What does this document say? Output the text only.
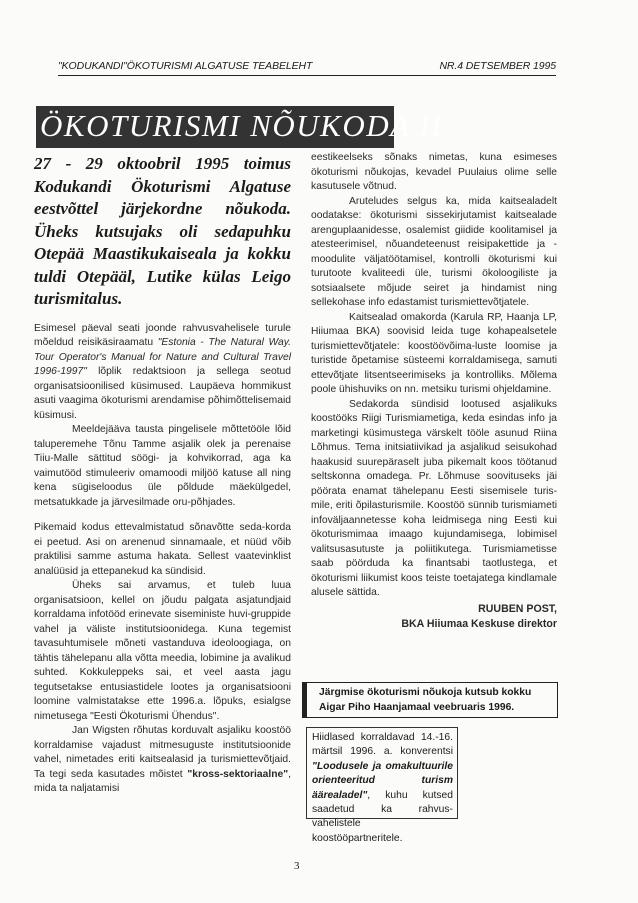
"KODUKANDI"ÖKOTURISMI ALGATUSE TEABELEHT	NR.4 DETSEMBER 1995
ÖKOTURISMI NÕUKODA II

27 - 29 oktoobril 1995 toimus Kodukandi Ökoturismi Algatuse eestvõttel järjekordne nõukoda. Üheks kutsujaks oli sedapuhku Otepää Maastikukaiseala ja kokku tuldi Otepääl, Lutike külas Leigo turismitalus.

Esimesel päeval seati joonde rahvusvahelisele turule mõeldud reisikäsiraamatu "Estonia - The Natural Way. Tour Operator's Manual for Nature and Cultural Travel 1996-1997" lõplik redaktsioon ja sellega seotud organisatsioonilised küsimused. Laupäeva hommikust asuti vaagima ökoturismi arendamise põhimõttelisemaid küsimusi.

Meeldejääva tausta pingelisele mõttetööle lõid taluperemehe Tõnu Tamme asjalik olek ja perenaise Tiiu-Malle sättitud söögi- ja kohvikorrad, aga ka vaimutööd stimuleeriv omamoodi miljöö katuse all ning kena sügiseloodus üle põldude mäekülgedel, metsatukkade ja järvesilmade oru-põhjades.

Pikemaid kodus ettevalmistatud sõnavõtte seda-korda ei peetud. Asi on arenenud sinnamaale, et nüüd võib praktilisi samme astuma hakata. Sellest vaatevinklist analüüsid ja ettepanekud ka sündisid.

Üheks sai arvamus, et tuleb luua organisatsioon, kellel on jõudu palgata asjatundjaid korraldama infotööd erinevate siseministe huvi-gruppide vahel ja väliste institutsioonidega. Kuna tegemist tavasuhtumisele mõneti vastanduva ideoloogiaga, on tähtis tähelepanu alla võtta meedia, lobimine ja avalikud suhted. Kokkuleppeks sai, et veel aasta jagu tegutsetakse entusiastidele lootes ja organisatsiooni loomine valmistatakse ette 1996.a. lõpuks, esialgse nimetusega "Eesti Ökoturismi Ühendus".

Jan Wigsten rõhutas korduvalt asjaliku koostöö korraldamise vajadust mitmesuguste institutsioonide vahel, nimetades eriti kaitsealasid ja turismiettevõtjaid. Ta tegi seda kasutades mõistet "kross-sektoriaalne", mida ta naljatamisi

eestikeelseks sõnaks nimetas, kuna esimeses ökoturismi nõukojas, kevadel Puulaius olime selle kasutusele võtnud.

Aruteludes selgus ka, mida kaitsealadelt oodatakse: ökoturismi sissekirjutamist kaitsealade arenguplaanidesse, osalemist giidide koolitamisel ja atesteerimisel, nõuandeteenust reisipakettide ja -moodulite väljatöötamisel, kontrolli ökoturismi kui turutoote kvaliteedi üle, turismi ökoloogiliste ja sotsiaalsete mõjude seiret ja hindamist ning sellekohase info edastamist turismiettevõtjatele.

Kaitsealad omakorda (Karula RP, Haanja LP, Hiiumaa BKA) soovisid leida tuge kohapealsetele turismiettevõtjatele: koostöövõima-luste loomise ja turistide õpetamise süsteemi korraldamisega, samuti ettevõtjate litsentseerimiseks ja kontrolliks. Mõlema poole ühishuviks on nn. metsiku turismi ohjeldamine.

Sedakorda sündisid lootused asjalikuks koostööks Riigi Turismiametiga, keda esindas info ja marketingi küsimustega värskelt tööle asunud Riina Lõhmus. Tema initsiatiivikad ja asjalikud seisukohad haakusid suurepäraselt juba pikemalt koos töötanud seltskonna omadega. Pr. Lõhmuse soovituseks jäi pöörata enamat tähelepanu Eesti sisemisele turis-mile, eriti õpilasturismile. Koostöö sünnib turismiameti infoväljaannetesse koha leidmisega ning Eesti kui ökoturismimaa imaago kujundamisega, lobimisel valitsusasutuste ja poliitikutega. Turismiametisse saab pöörduda ka finantsabi taotlustega, et ökoturismi liikumist koos teiste toetajatega kindlamale alusele sättida.

RUUBEN POST,
BKA Hiiumaa Keskuse direktor
Järgmise ökoturismi nõukoja kutsub kokku
Aigar Piho Haanjamaal veebruaris 1996.
Hiidlased korraldavad 14.-16. märtsil 1996. a. konverentsi "Loodusele ja omakultuurile orienteeritud turism äärealadel", kuhu kutsed saadetud ka rahvus-vahelistele koostööpartneritele.
3
